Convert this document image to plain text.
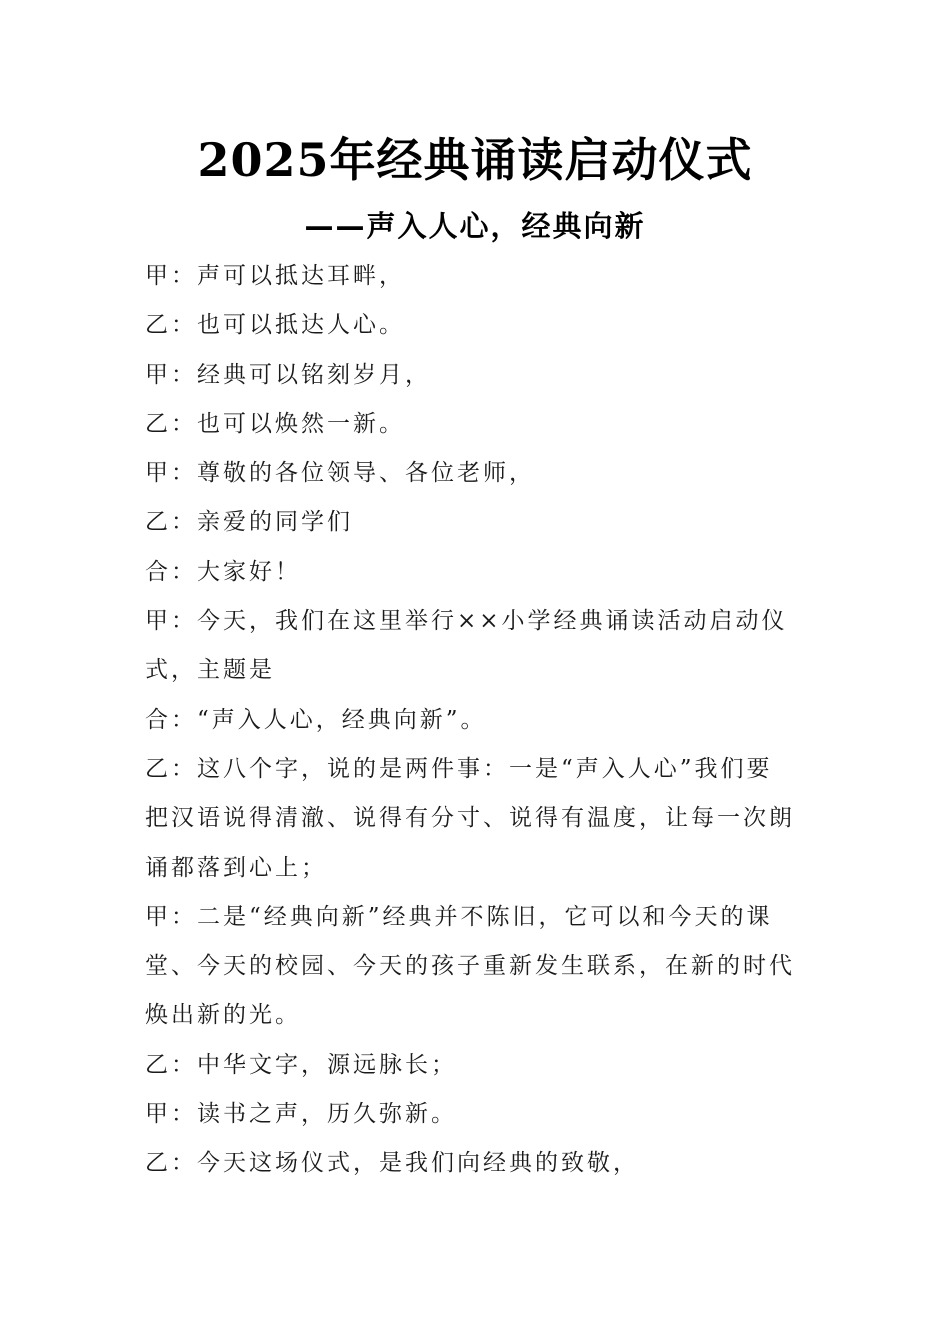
2025年经典诵读启动仪式
——声入人心，经典向新
甲：声可以抵达耳畔，
乙：也可以抵达人心。
甲：经典可以铭刻岁月，
乙：也可以焕然一新。
甲：尊敬的各位领导、各位老师，
乙：亲爱的同学们
合：大家好！
甲：今天，我们在这里举行××小学经典诵读活动启动仪
式，主题是
合：“声入人心，经典向新”。
乙：这八个字，说的是两件事：一是“声入人心”我们要
把汉语说得清澈、说得有分寸、说得有温度，让每一次朗
诵都落到心上；
甲：二是“经典向新”经典并不陈旧，它可以和今天的课
堂、今天的校园、今天的孩子重新发生联系，在新的时代
焕出新的光。
乙：中华文字，源远脉长；
甲：读书之声，历久弥新。
乙：今天这场仪式，是我们向经典的致敬，
